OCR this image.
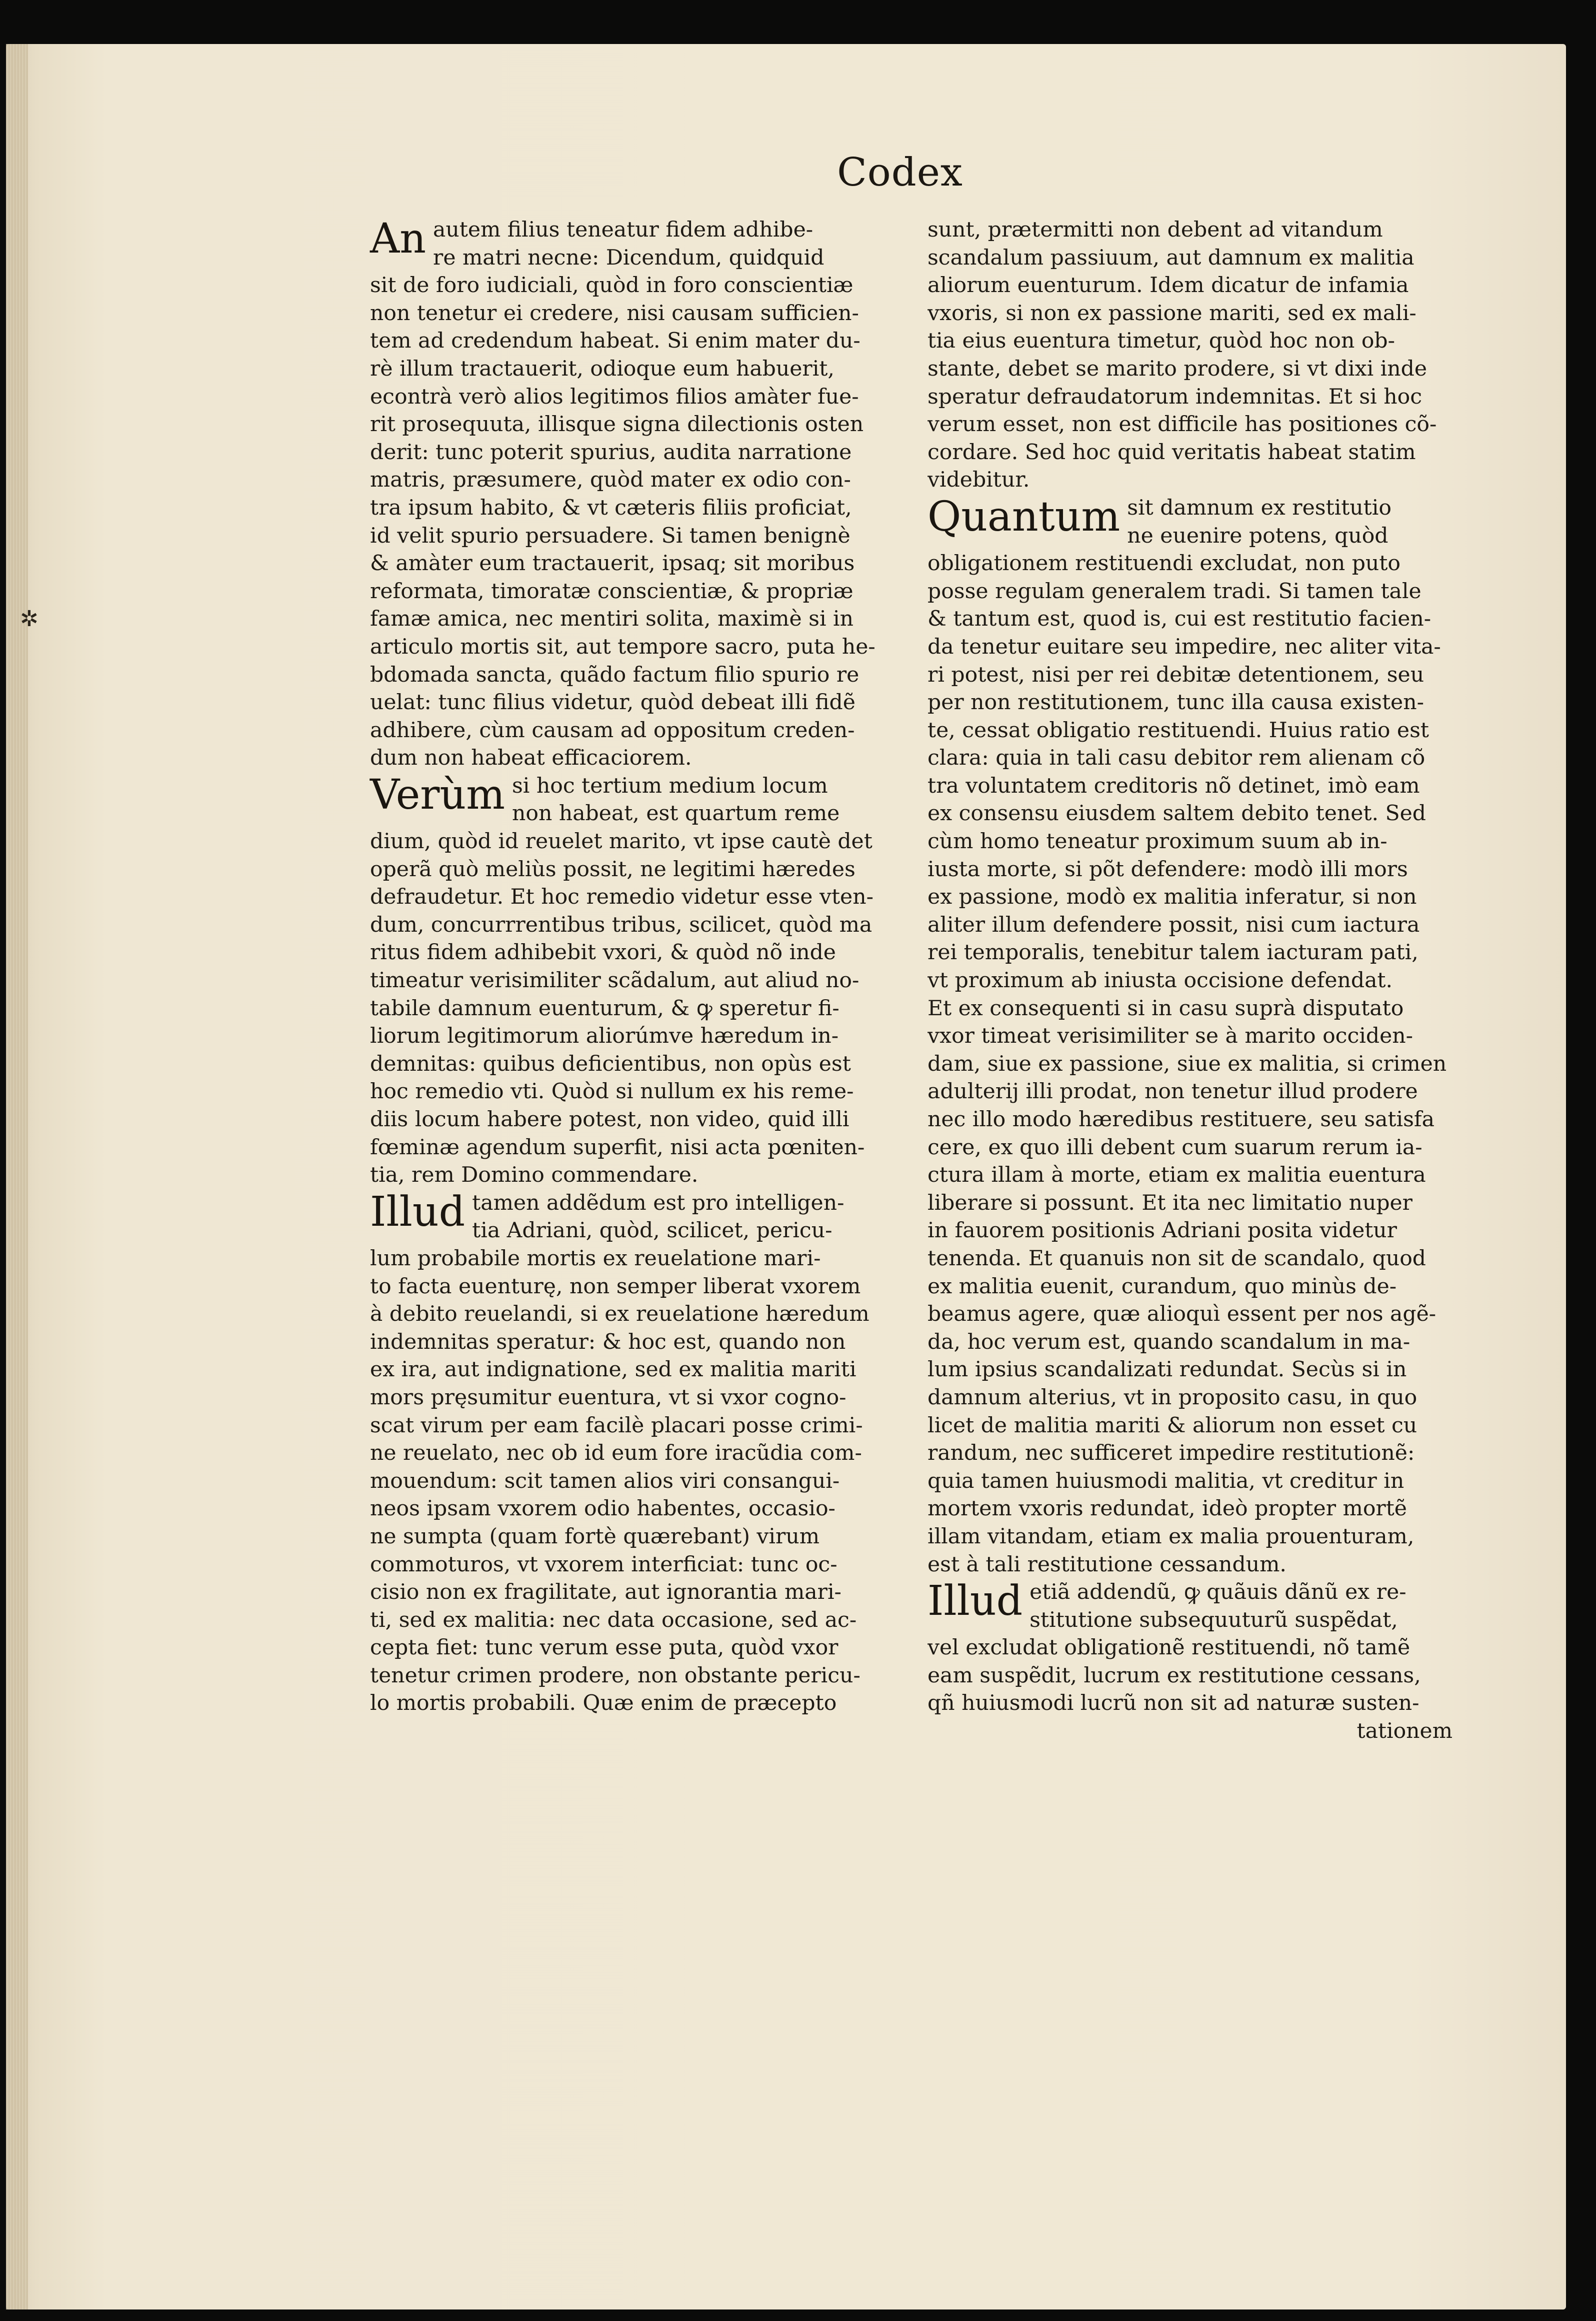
Codex
✲
An autem filius teneatur fidem adhibe-
re matri necne: Dicendum, quidquid
sit de foro iudiciali, quòd in foro conscientiæ
non tenetur ei credere, nisi causam sufficien-
tem ad credendum habeat. Si enim mater du-
rè illum tractauerit, odioque eum habuerit,
econtrà verò alios legitimos filios amàter fue-
rit prosequuta, illisque signa dilectionis osten
derit: tunc poterit spurius, audita narratione
matris, præsumere, quòd mater ex odio con-
tra ipsum habito, & vt cæteris filiis proficiat,
id velit spurio persuadere. Si tamen benignè
& amàter eum tractauerit, ipsaq; sit moribus
reformata, timoratæ conscientiæ, & propriæ
famæ amica, nec mentiri solita, maximè si in
articulo mortis sit, aut tempore sacro, puta he-
bdomada sancta, quãdo factum filio spurio re
uelat: tunc filius videtur, quòd debeat illi fidẽ
adhibere, cùm causam ad oppositum creden-
dum non habeat efficaciorem.
Verùm si hoc tertium medium locum
non habeat, est quartum reme
dium, quòd id reuelet marito, vt ipse cautè det
operã quò meliùs possit, ne legitimi hæredes
defraudetur. Et hoc remedio videtur esse vten-
dum, concurrrentibus tribus, scilicet, quòd ma
ritus fidem adhibebit vxori, & quòd nõ inde
timeatur verisimiliter scãdalum, aut aliud no-
tabile damnum euenturum, & ꝙ speretur fi-
liorum legitimorum aliorúmve hæredum in-
demnitas: quibus deficientibus, non opùs est
hoc remedio vti. Quòd si nullum ex his reme-
diis locum habere potest, non video, quid illi
fœminæ agendum superfit, nisi acta pœniten-
tia, rem Domino commendare.
Illud tamen addẽdum est pro intelligen-
tia Adriani, quòd, scilicet, pericu-
lum probabile mortis ex reuelatione mari-
to facta euenturę, non semper liberat vxorem
à debito reuelandi, si ex reuelatione hæredum
indemnitas speratur: & hoc est, quando non
ex ira, aut indignatione, sed ex malitia mariti
mors pręsumitur euentura, vt si vxor cogno-
scat virum per eam facilè placari posse crimi-
ne reuelato, nec ob id eum fore iracũdia com-
mouendum: scit tamen alios viri consangui-
neos ipsam vxorem odio habentes, occasio-
ne sumpta (quam fortè quærebant) virum
commoturos, vt vxorem interficiat: tunc oc-
cisio non ex fragilitate, aut ignorantia mari-
ti, sed ex malitia: nec data occasione, sed ac-
cepta fiet: tunc verum esse puta, quòd vxor
tenetur crimen prodere, non obstante pericu-
lo mortis probabili. Quæ enim de præcepto
sunt, prætermitti non debent ad vitandum
scandalum passiuum, aut damnum ex malitia
aliorum euenturum. Idem dicatur de infamia
vxoris, si non ex passione mariti, sed ex mali-
tia eius euentura timetur, quòd hoc non ob-
stante, debet se marito prodere, si vt dixi inde
speratur defraudatorum indemnitas. Et si hoc
verum esset, non est difficile has positiones cõ-
cordare. Sed hoc quid veritatis habeat statim
videbitur.
Quantum sit damnum ex restitutio
ne euenire potens, quòd
obligationem restituendi excludat, non puto
posse regulam generalem tradi. Si tamen tale
& tantum est, quod is, cui est restitutio facien-
da tenetur euitare seu impedire, nec aliter vita-
ri potest, nisi per rei debitæ detentionem, seu
per non restitutionem, tunc illa causa existen-
te, cessat obligatio restituendi. Huius ratio est
clara: quia in tali casu debitor rem alienam cõ
tra voluntatem creditoris nõ detinet, imò eam
ex consensu eiusdem saltem debito tenet. Sed
cùm homo teneatur proximum suum ab in-
iusta morte, si põt defendere: modò illi mors
ex passione, modò ex malitia inferatur, si non
aliter illum defendere possit, nisi cum iactura
rei temporalis, tenebitur talem iacturam pati,
vt proximum ab iniusta occisione defendat.
Et ex consequenti si in casu suprà disputato
vxor timeat verisimiliter se à marito occiden-
dam, siue ex passione, siue ex malitia, si crimen
adulterij illi prodat, non tenetur illud prodere
nec illo modo hæredibus restituere, seu satisfa
cere, ex quo illi debent cum suarum rerum ia-
ctura illam à morte, etiam ex malitia euentura
liberare si possunt. Et ita nec limitatio nuper
in fauorem positionis Adriani posita videtur
tenenda. Et quanuis non sit de scandalo, quod
ex malitia euenit, curandum, quo minùs de-
beamus agere, quæ alioquì essent per nos agẽ-
da, hoc verum est, quando scandalum in ma-
lum ipsius scandalizati redundat. Secùs si in
damnum alterius, vt in proposito casu, in quo
licet de malitia mariti & aliorum non esset cu
randum, nec sufficeret impedire restitutionẽ:
quia tamen huiusmodi malitia, vt creditur in
mortem vxoris redundat, ideò propter mortẽ
illam vitandam, etiam ex malia prouenturam,
est à tali restitutione cessandum.
Illud etiã addendũ, ꝙ quãuis dãnũ ex re-
stitutione subsequuturũ suspẽdat,
vel excludat obligationẽ restituendi, nõ tamẽ
eam suspẽdit, lucrum ex restitutione cessans,
qñ huiusmodi lucrũ non sit ad naturæ susten-
tationem
